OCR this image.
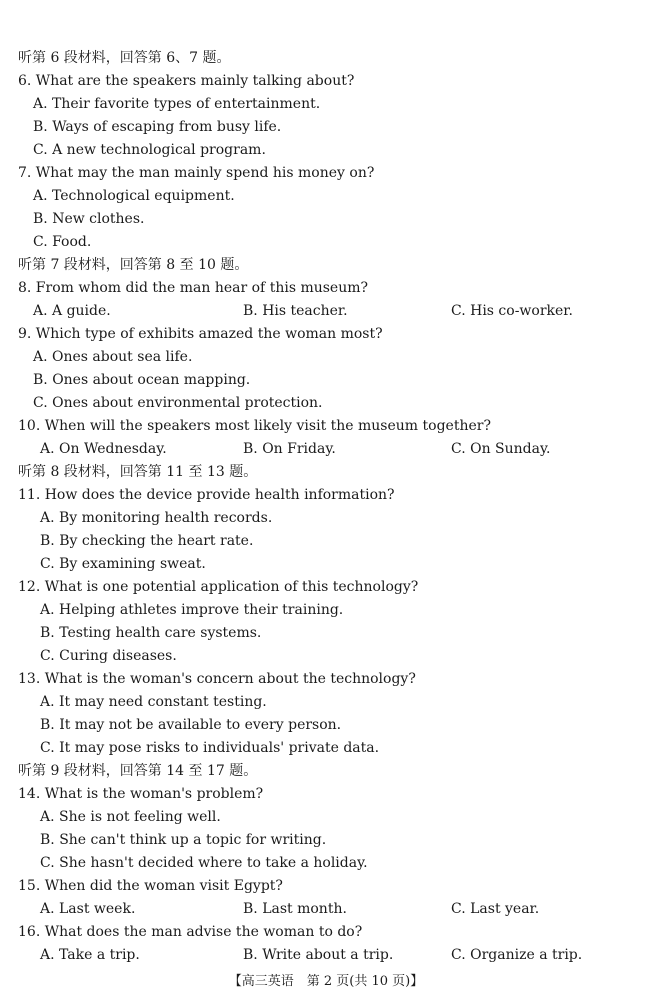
听第 6 段材料，回答第 6、7 题。
6. What are the speakers mainly talking about?
A. Their favorite types of entertainment.
B. Ways of escaping from busy life.
C. A new technological program.
7. What may the man mainly spend his money on?
A. Technological equipment.
B. New clothes.
C. Food.
听第 7 段材料，回答第 8 至 10 题。
8. From whom did the man hear of this museum?
A. A guide.	B. His teacher.	C. His co-worker.
9. Which type of exhibits amazed the woman most?
A. Ones about sea life.
B. Ones about ocean mapping.
C. Ones about environmental protection.
10. When will the speakers most likely visit the museum together?
A. On Wednesday.	B. On Friday.	C. On Sunday.
听第 8 段材料，回答第 11 至 13 题。
11. How does the device provide health information?
A. By monitoring health records.
B. By checking the heart rate.
C. By examining sweat.
12. What is one potential application of this technology?
A. Helping athletes improve their training.
B. Testing health care systems.
C. Curing diseases.
13. What is the woman's concern about the technology?
A. It may need constant testing.
B. It may not be available to every person.
C. It may pose risks to individuals' private data.
听第 9 段材料，回答第 14 至 17 题。
14. What is the woman's problem?
A. She is not feeling well.
B. She can't think up a topic for writing.
C. She hasn't decided where to take a holiday.
15. When did the woman visit Egypt?
A. Last week.	B. Last month.	C. Last year.
16. What does the man advise the woman to do?
A. Take a trip.	B. Write about a trip.	C. Organize a trip.
【高三英语　第 2 页(共 10 页)】
